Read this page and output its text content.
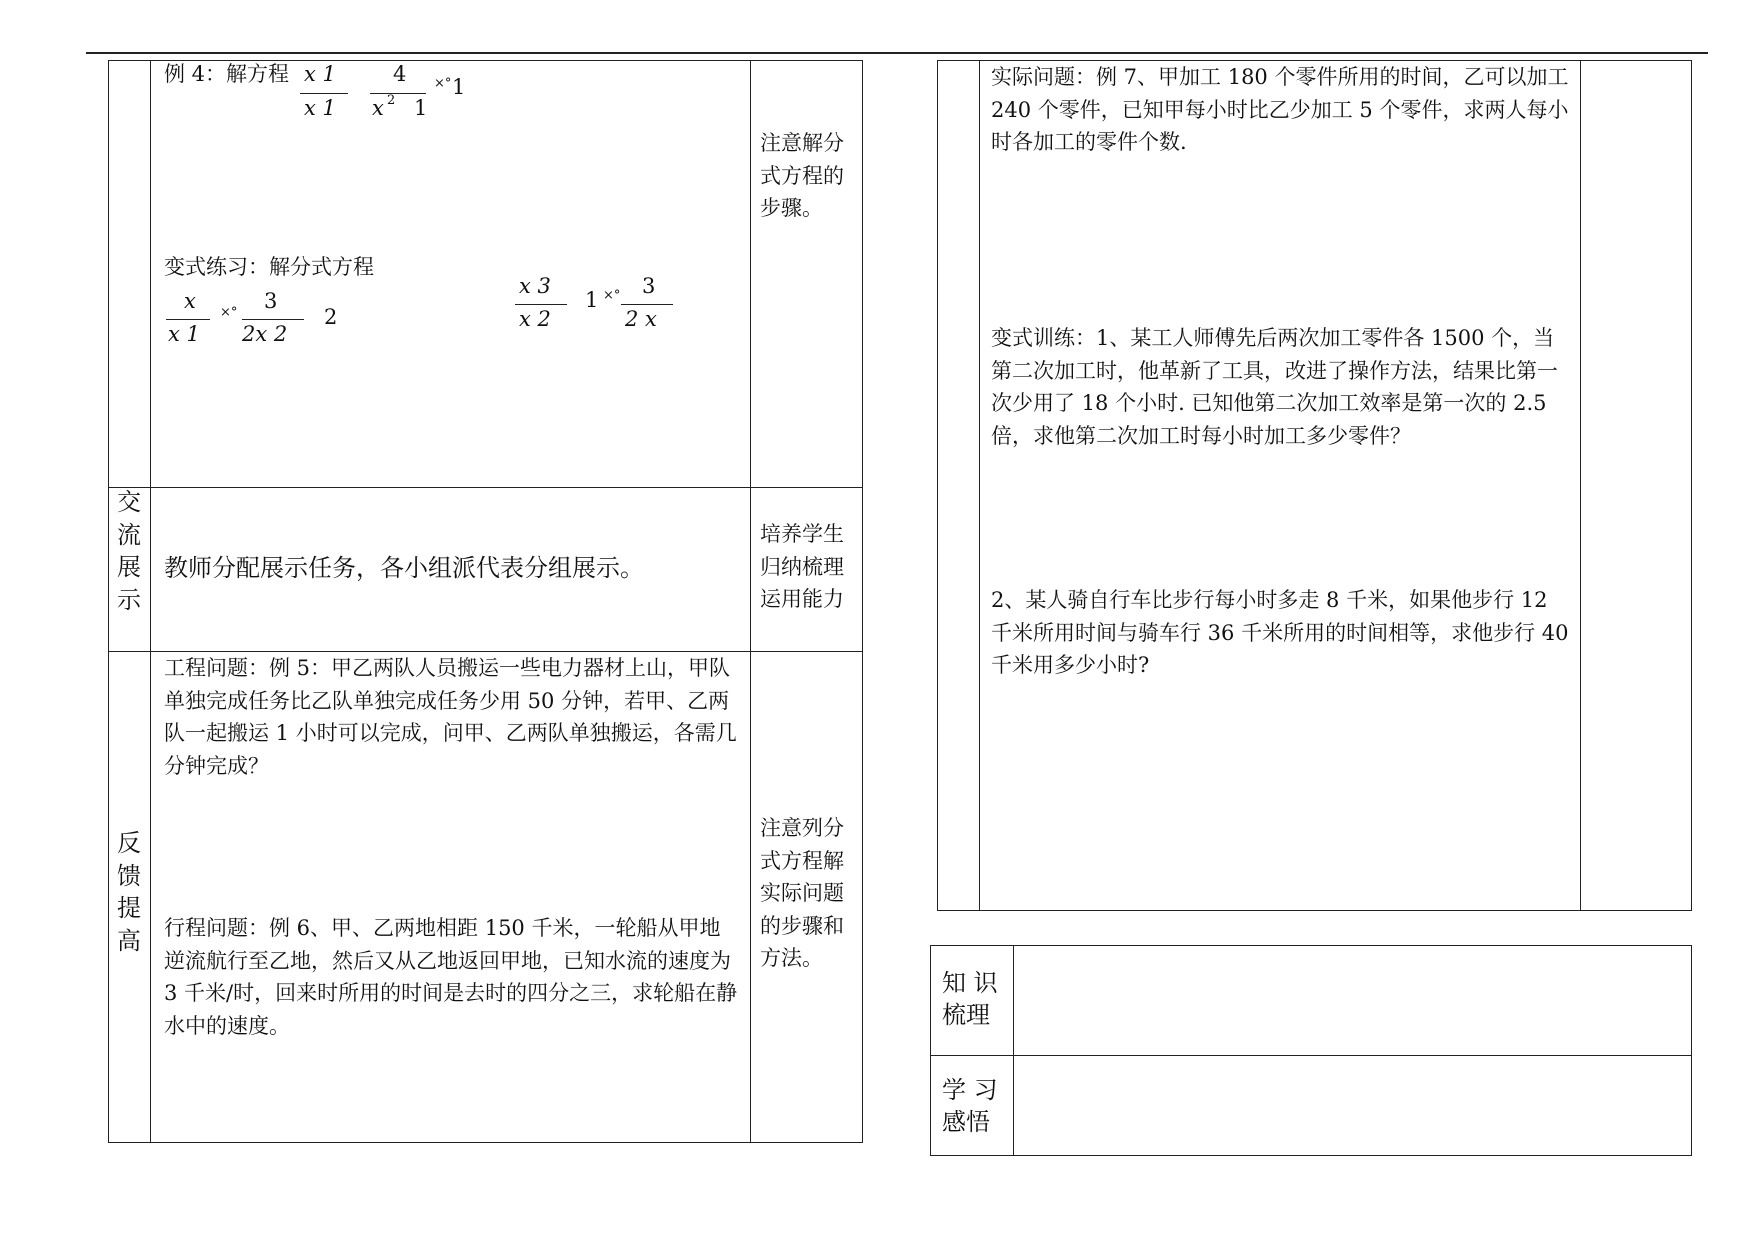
例 4：解方程 x 1
x 1
4
x 2 1
×° 1
变式练习：解分式方程
x
x 1
×° 3
2x 2
2
x 3
x 2
1 ×° 3
2 x
注意解分式方程的步骤。
交流展示
教师分配展示任务，各小组派代表分组展示。
培养学生归纳梳理运用能力
反馈提高
工程问题：例 5：甲乙两队人员搬运一些电力器材上山，甲队单独完成任务比乙队单独完成任务少用 50 分钟，若甲、乙两队一起搬运 1 小时可以完成，问甲、乙两队单独搬运，各需几分钟完成？
行程问题：例 6、甲、乙两地相距 150 千米，一轮船从甲地逆流航行至乙地，然后又从乙地返回甲地，已知水流的速度为 3 千米/时，回来时所用的时间是去时的四分之三，求轮船在静水中的速度。
注意列分式方程解实际问题的步骤和方法。
实际问题：例 7、甲加工 180 个零件所用的时间，乙可以加工 240 个零件，已知甲每小时比乙少加工 5 个零件，求两人每小时各加工的零件个数.
变式训练：1、某工人师傅先后两次加工零件各 1500 个，当第二次加工时，他革新了工具，改进了操作方法，结果比第一次少用了 18 个小时. 已知他第二次加工效率是第一次的 2.5 倍，求他第二次加工时每小时加工多少零件？
2、某人骑自行车比步行每小时多走 8 千米，如果他步行 12 千米所用时间与骑车行 36 千米所用的时间相等，求他步行 40 千米用多少小时?
知 识
梳理
学 习
感悟
